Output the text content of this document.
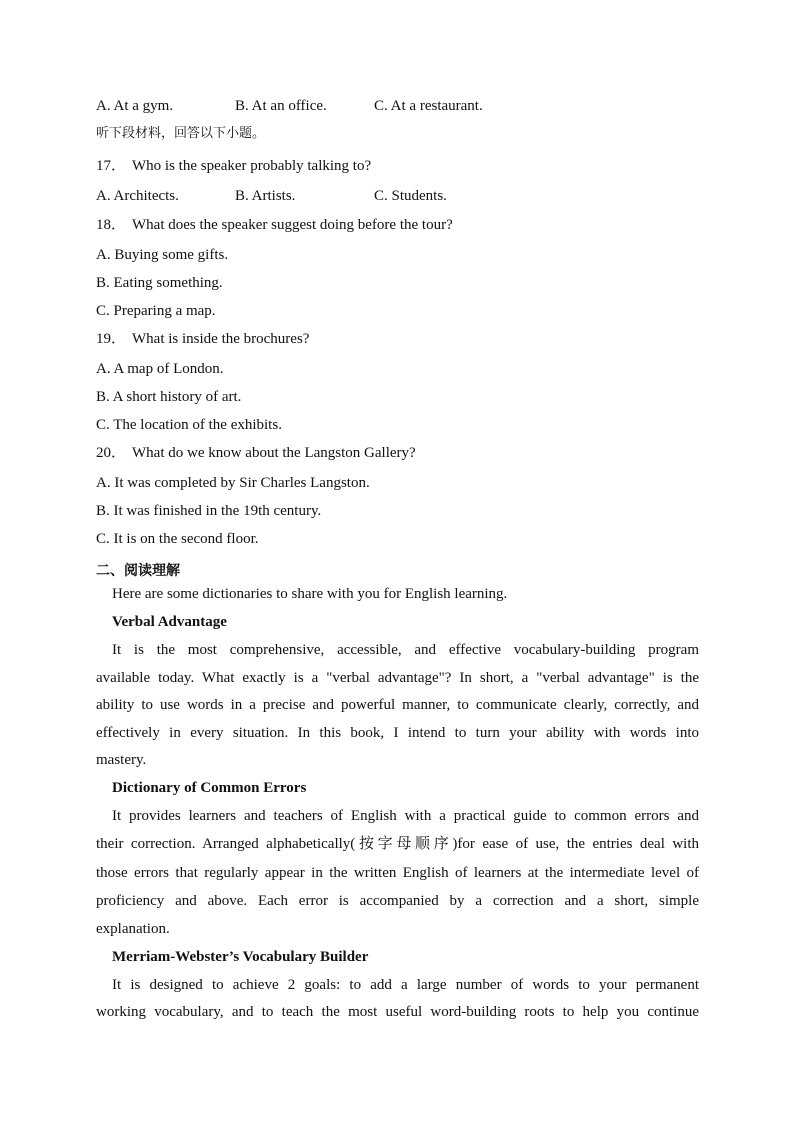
A. At a gym.	B. At an office.	C. At a restaurant.
听下段材料，回答以下小题。
17． Who is the speaker probably talking to?
A. Architects.	B. Artists.	C. Students.
18． What does the speaker suggest doing before the tour?
A. Buying some gifts.
B. Eating something.
C. Preparing a map.
19． What is inside the brochures?
A. A map of London.
B. A short history of art.
C. The location of the exhibits.
20． What do we know about the Langston Gallery?
A. It was completed by Sir Charles Langston.
B. It was finished in the 19th century.
C. It is on the second floor.
二、阅读理解
Here are some dictionaries to share with you for English learning.
Verbal Advantage
It is the most comprehensive, accessible, and effective vocabulary-building program
available today. What exactly is a "verbal advantage"? In short, a "verbal advantage" is the
ability to use words in a precise and powerful manner, to communicate clearly, correctly, and
effectively in every situation. In this book, I intend to turn your ability with words into
mastery.
Dictionary of Common Errors
It provides learners and teachers of English with a practical guide to common errors and
their correction. Arranged alphabetically(按字母顺序)for ease of use, the entries deal with
those errors that regularly appear in the written English of learners at the intermediate level of
proficiency and above. Each error is accompanied by a correction and a short, simple
explanation.
Merriam-Webster’s Vocabulary Builder
It is designed to achieve 2 goals: to add a large number of words to your permanent
working vocabulary, and to teach the most useful word-building roots to help you continue
